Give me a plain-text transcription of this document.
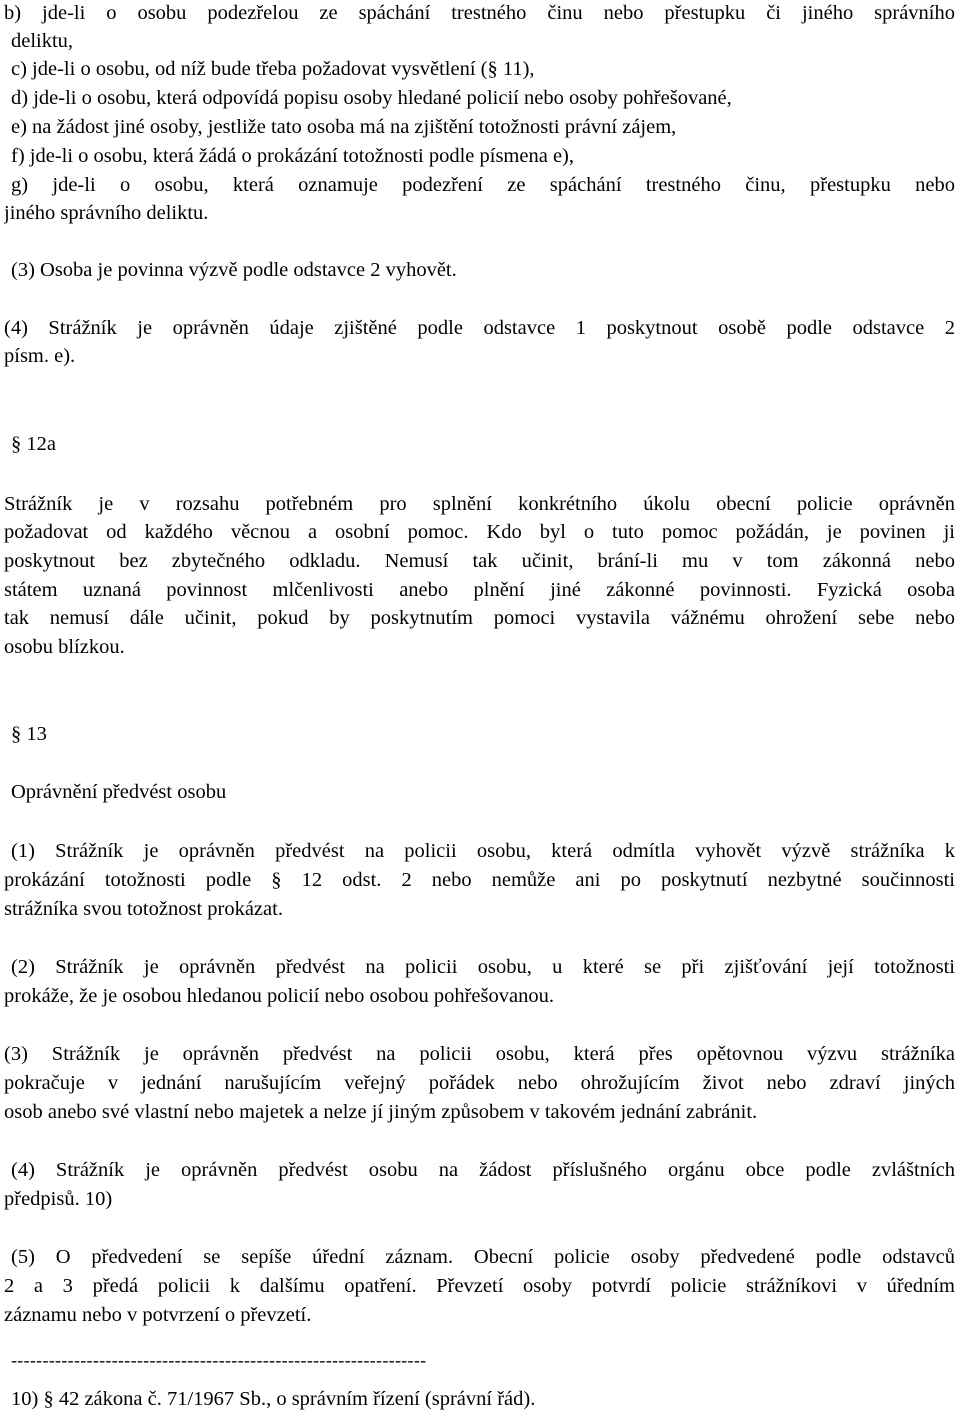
b) jde-li o osobu podezřelou ze spáchání trestného činu nebo přestupku či jiného správního
deliktu,
c) jde-li o osobu, od níž bude třeba požadovat vysvětlení (§ 11),
d) jde-li o osobu, která odpovídá popisu osoby hledané policií nebo osoby pohřešované,
e) na žádost jiné osoby, jestliže tato osoba má na zjištění totožnosti právní zájem,
f) jde-li o osobu, která žádá o prokázání totožnosti podle písmena e),
g) jde-li o osobu, která oznamuje podezření ze spáchání trestného činu, přestupku nebo
jiného správního deliktu.
(3) Osoba je povinna výzvě podle odstavce 2 vyhovět.
(4) Strážník je oprávněn údaje zjištěné podle odstavce 1 poskytnout osobě podle odstavce 2
písm. e).
§ 12a
Strážník je v rozsahu potřebném pro splnění konkrétního úkolu obecní policie oprávněn
požadovat od každého věcnou a osobní pomoc. Kdo byl o tuto pomoc požádán, je povinen ji
poskytnout bez zbytečného odkladu. Nemusí tak učinit, brání-li mu v tom zákonná nebo
státem uznaná povinnost mlčenlivosti anebo plnění jiné zákonné povinnosti. Fyzická osoba
tak nemusí dále učinit, pokud by poskytnutím pomoci vystavila vážnému ohrožení sebe nebo
osobu blízkou.
§ 13
Oprávnění předvést osobu
(1) Strážník je oprávněn předvést na policii osobu, která odmítla vyhovět výzvě strážníka k
prokázání totožnosti podle § 12 odst. 2 nebo nemůže ani po poskytnutí nezbytné součinnosti
strážníka svou totožnost prokázat.
(2) Strážník je oprávněn předvést na policii osobu, u které se při zjišťování její totožnosti
prokáže, že je osobou hledanou policií nebo osobou pohřešovanou.
(3) Strážník je oprávněn předvést na policii osobu, která přes opětovnou výzvu strážníka
pokračuje v jednání narušujícím veřejný pořádek nebo ohrožujícím život nebo zdraví jiných
osob anebo své vlastní nebo majetek a nelze jí jiným způsobem v takovém jednání zabránit.
(4) Strážník je oprávněn předvést osobu na žádost příslušného orgánu obce podle zvláštních
předpisů. 10)
(5) O předvedení se sepíše úřední záznam. Obecní policie osoby předvedené podle odstavců
2 a 3 předá policii k dalšímu opatření. Převzetí osoby potvrdí policie strážníkovi v úředním
záznamu nebo v potvrzení o převzetí.
------------------------------------------------------------------
10) § 42 zákona č. 71/1967 Sb., o správním řízení (správní řád).
